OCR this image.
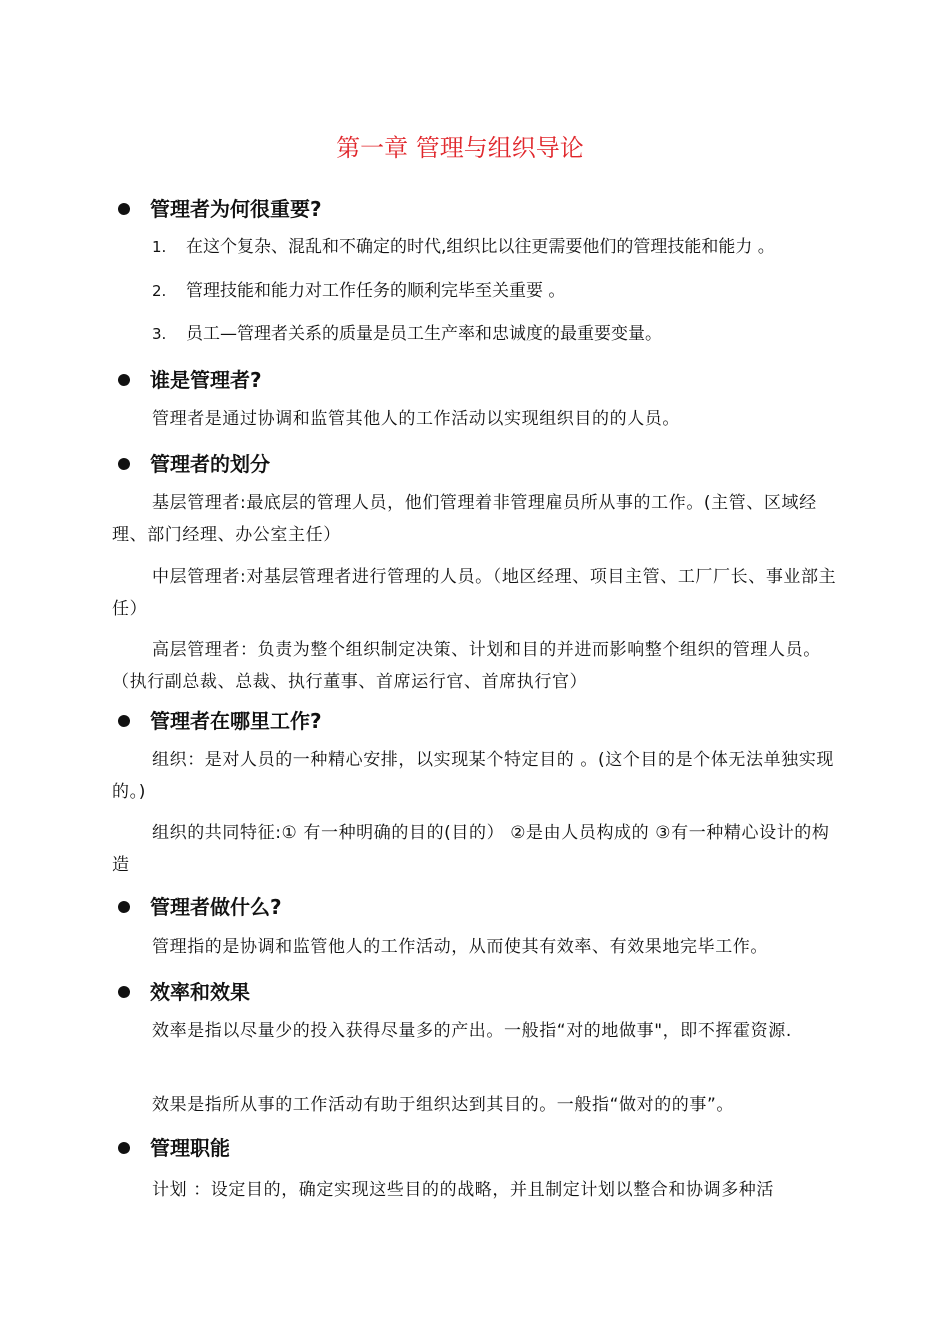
第一章 管理与组织导论
管理者为何很重要?
1. 在这个复杂、混乱和不确定的时代,组织比以往更需要他们的管理技能和能力 。
2. 管理技能和能力对工作任务的顺利完毕至关重要 。
3. 员工—管理者关系的质量是员工生产率和忠诚度的最重要变量。
谁是管理者?
管理者是通过协调和监管其他人的工作活动以实现组织目的的人员。
管理者的划分
基层管理者:最底层的管理人员，他们管理着非管理雇员所从事的工作。(主管、区域经理、部门经理、办公室主任）
中层管理者:对基层管理者进行管理的人员。（地区经理、项目主管、工厂厂长、事业部主任）
高层管理者：负责为整个组织制定决策、计划和目的并进而影响整个组织的管理人员。（执行副总裁、总裁、执行董事、首席运行官、首席执行官）
管理者在哪里工作?
组织：是对人员的一种精心安排，以实现某个特定目的 。(这个目的是个体无法单独实现的。)
组织的共同特征:① 有一种明确的目的(目的） ②是由人员构成的 ③有一种精心设计的构造
管理者做什么?
管理指的是协调和监管他人的工作活动，从而使其有效率、有效果地完毕工作。
效率和效果
效率是指以尽量少的投入获得尽量多的产出。一般指“对的地做事"，即不挥霍资源.
效果是指所从事的工作活动有助于组织达到其目的。一般指“做对的的事”。
管理职能
计划 ：设定目的，确定实现这些目的的战略，并且制定计划以整合和协调多种活
